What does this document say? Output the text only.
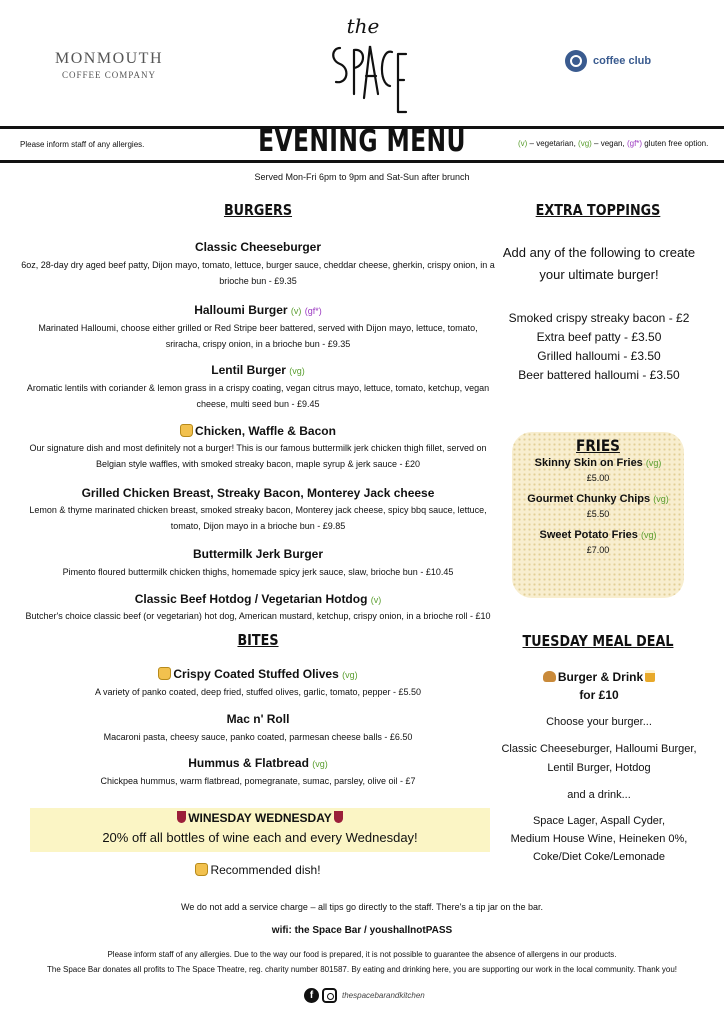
MONMOUTH
COFFEE COMPANY
the
coffee club
Please inform staff of any allergies.	EVENING MENU	(v) – vegetarian, (vg) – vegan, (gf*) gluten free option.
Served Mon-Fri 6pm to 9pm and Sat-Sun after brunch
BURGERS
Classic Cheeseburger
6oz, 28-day dry aged beef patty, Dijon mayo, tomato, lettuce, burger sauce, cheddar cheese, gherkin, crispy onion, in a brioche bun - £9.35
Halloumi Burger (v) (gf*)
Marinated Halloumi, choose either grilled or Red Stripe beer battered, served with Dijon mayo, lettuce, tomato, sriracha, crispy onion, in a brioche bun - £9.35
Lentil Burger (vg)
Aromatic lentils with coriander & lemon grass in a crispy coating, vegan citrus mayo, lettuce, tomato, ketchup, vegan cheese, multi seed bun - £9.45
Chicken, Waffle & Bacon
Our signature dish and most definitely not a burger! This is our famous buttermilk jerk chicken thigh fillet, served on Belgian style waffles, with smoked streaky bacon, maple syrup & jerk sauce - £20
Grilled Chicken Breast, Streaky Bacon, Monterey Jack cheese
Lemon & thyme marinated chicken breast, smoked streaky bacon, Monterey jack cheese, spicy bbq sauce, lettuce, tomato, Dijon mayo in a brioche bun - £9.85
Buttermilk Jerk Burger
Pimento floured buttermilk chicken thighs, homemade spicy jerk sauce, slaw, brioche bun - £10.45
Classic Beef Hotdog / Vegetarian Hotdog (v)
Butcher's choice classic beef (or vegetarian) hot dog, American mustard, ketchup, crispy onion, in a brioche roll - £10
BITES
Crispy Coated Stuffed Olives (vg)
A variety of panko coated, deep fried, stuffed olives, garlic, tomato, pepper - £5.50
Mac n' Roll
Macaroni pasta, cheesy sauce, panko coated, parmesan cheese balls - £6.50
Hummus & Flatbread (vg)
Chickpea hummus, warm flatbread, pomegranate, sumac, parsley, olive oil - £7
WINESDAY WEDNESDAY
20% off all bottles of wine each and every Wednesday!
Recommended dish!
EXTRA TOPPINGS
Add any of the following to create
your ultimate burger!
Smoked crispy streaky bacon - £2
Extra beef patty - £3.50
Grilled halloumi - £3.50
Beer battered halloumi - £3.50
FRIES
Skinny Skin on Fries (vg)
£5.00
Gourmet Chunky Chips (vg)
£5.50
Sweet Potato Fries (vg)
£7.00
TUESDAY MEAL DEAL
Burger & Drink
for £10
Choose your burger...
Classic Cheeseburger, Halloumi Burger,
Lentil Burger, Hotdog
and a drink...
Space Lager, Aspall Cyder,
Medium House Wine, Heineken 0%,
Coke/Diet Coke/Lemonade
We do not add a service charge – all tips go directly to the staff. There's a tip jar on the bar.
wifi: the Space Bar / youshallnotPASS
Please inform staff of any allergies. Due to the way our food is prepared, it is not possible to guarantee the absence of allergens in our products.
The Space Bar donates all profits to The Space Theatre, reg. charity number 801587. By eating and drinking here, you are supporting our work in the local community. Thank you!
f	thespacebarandkitchen
